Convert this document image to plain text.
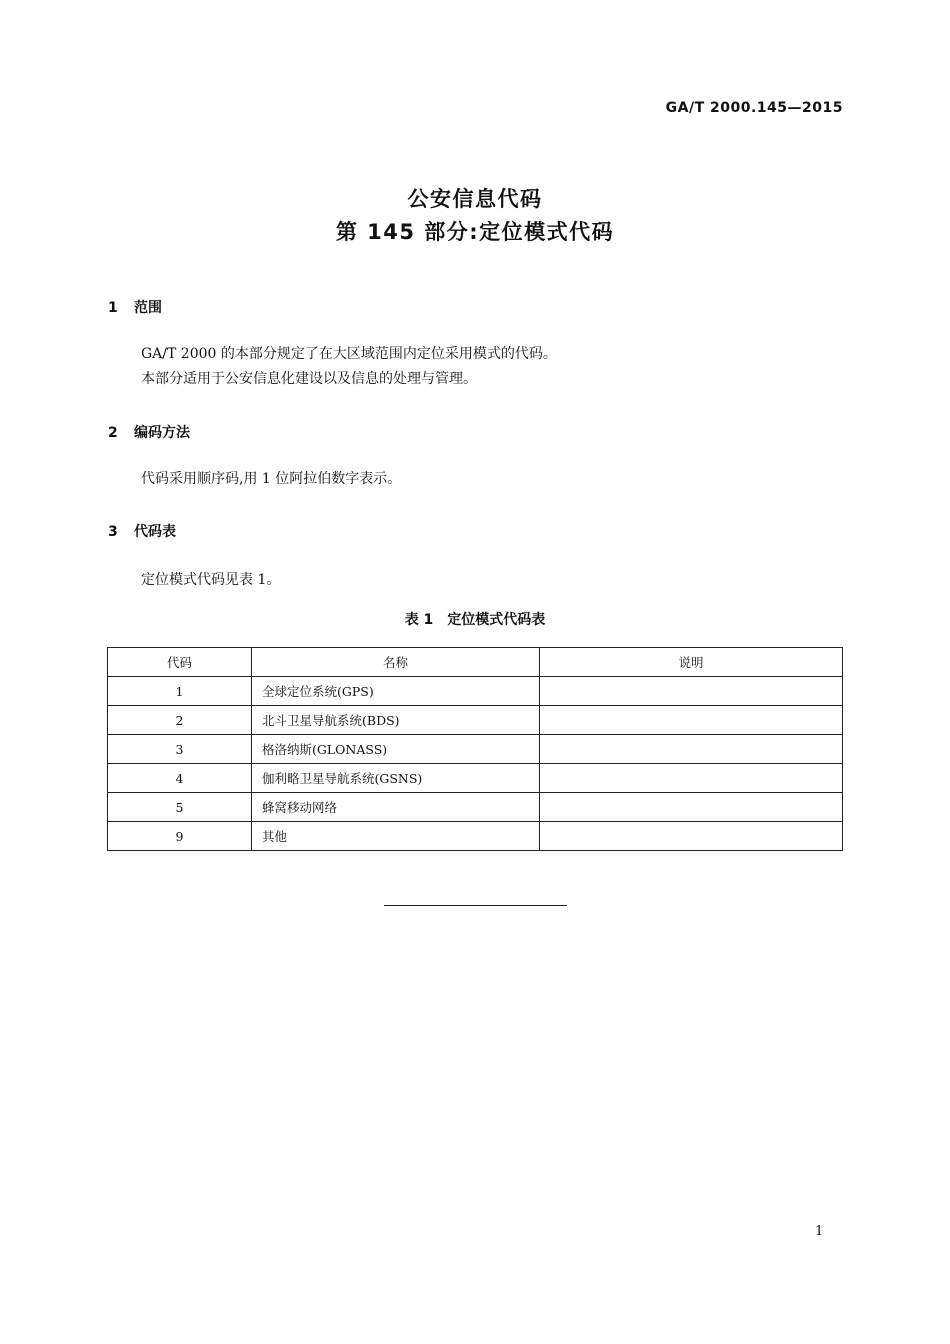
GA/T 2000.145—2015
公安信息代码
第 145 部分:定位模式代码
1 范围
GA/T 2000 的本部分规定了在大区域范围内定位采用模式的代码。
本部分适用于公安信息化建设以及信息的处理与管理。
2 编码方法
代码采用顺序码,用 1 位阿拉伯数字表示。
3 代码表
定位模式代码见表 1。
表 1 定位模式代码表
代码	名称	说明
1	全球定位系统(GPS)	
2	北斗卫星导航系统(BDS)	
3	格洛纳斯(GLONASS)	
4	伽利略卫星导航系统(GSNS)	
5	蜂窝移动网络	
9	其他	
1
